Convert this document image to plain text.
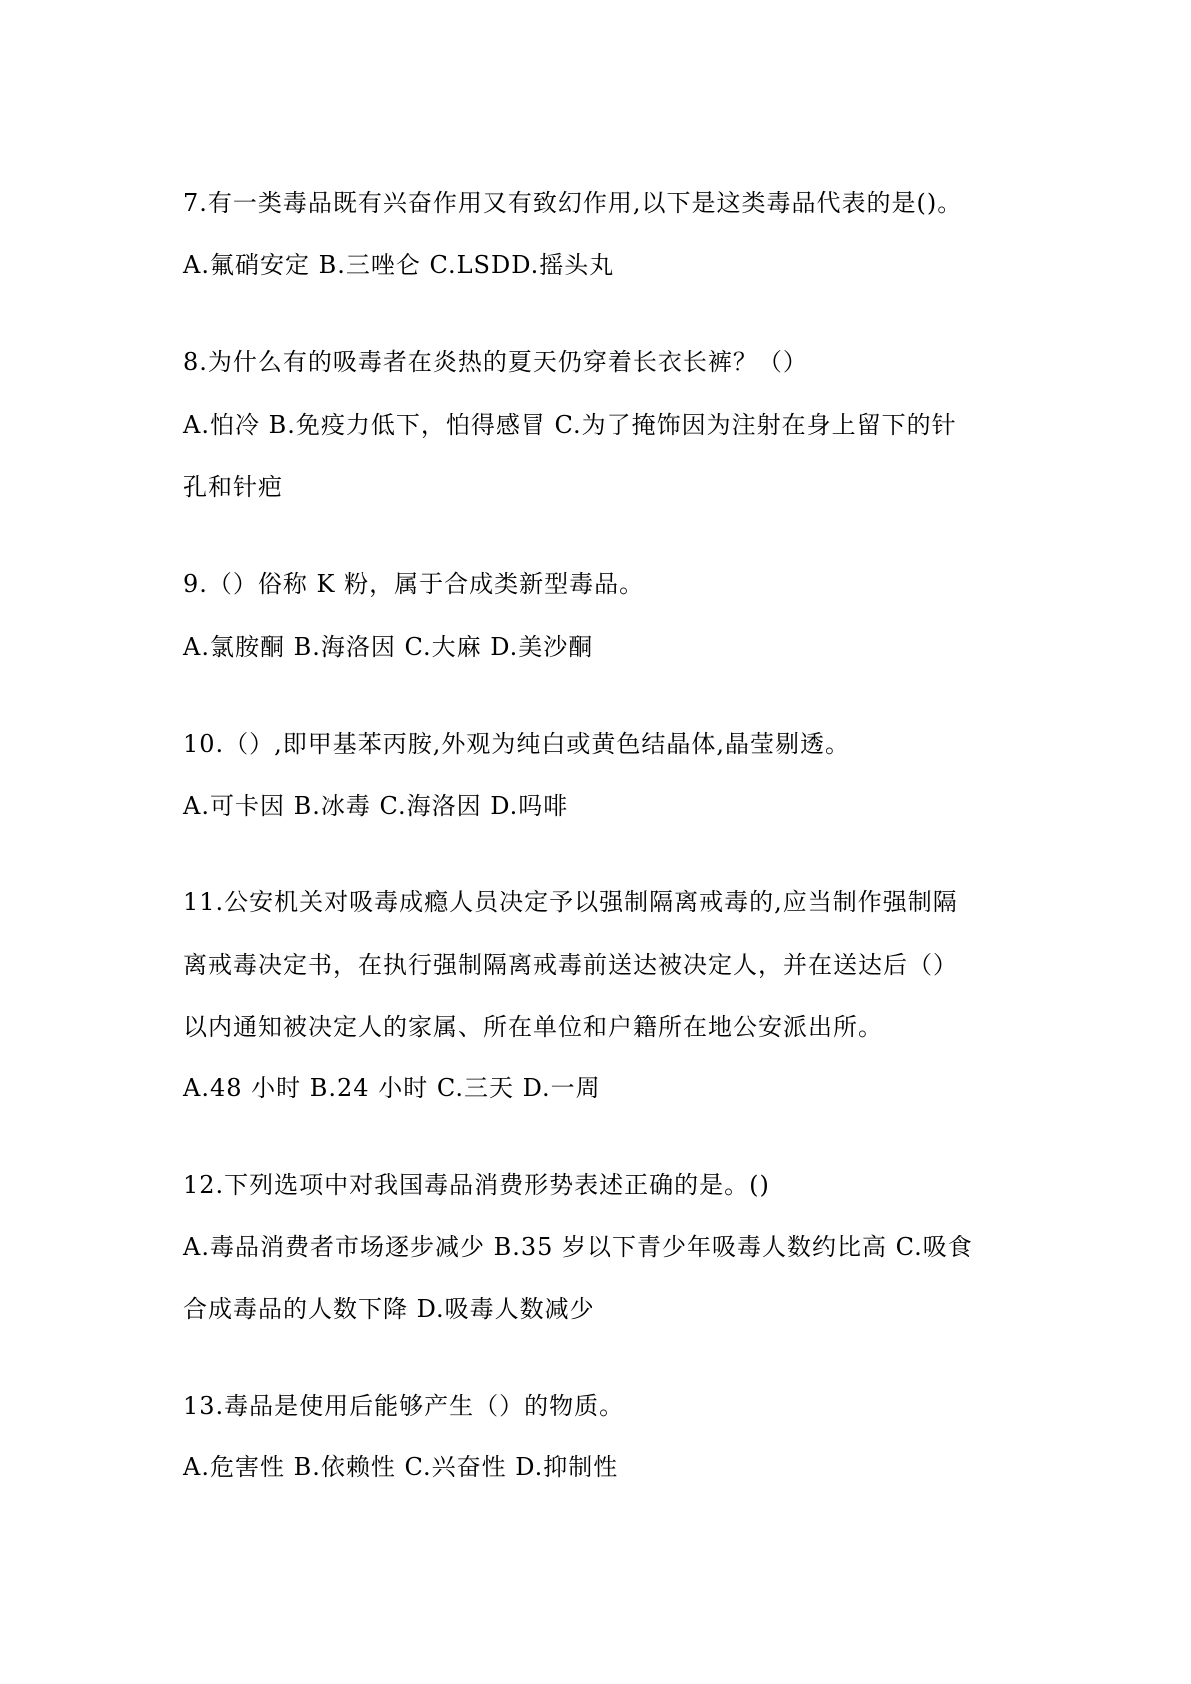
7.有一类毒品既有兴奋作用又有致幻作用,以下是这类毒品代表的是()。
A.氟硝安定 B.三唑仑 C.LSDD.摇头丸
8.为什么有的吸毒者在炎热的夏天仍穿着长衣长裤？（）
A.怕冷 B.免疫力低下，怕得感冒 C.为了掩饰因为注射在身上留下的针
孔和针疤
9.（）俗称 K 粉，属于合成类新型毒品。
A.氯胺酮 B.海洛因 C.大麻 D.美沙酮
10.（）,即甲基苯丙胺,外观为纯白或黄色结晶体,晶莹剔透。
A.可卡因 B.冰毒 C.海洛因 D.吗啡
11.公安机关对吸毒成瘾人员决定予以强制隔离戒毒的,应当制作强制隔
离戒毒决定书，在执行强制隔离戒毒前送达被决定人，并在送达后（）
以内通知被决定人的家属、所在单位和户籍所在地公安派出所。
A.48 小时 B.24 小时 C.三天 D.一周
12.下列选项中对我国毒品消费形势表述正确的是。()
A.毒品消费者市场逐步减少 B.35 岁以下青少年吸毒人数约比高 C.吸食
合成毒品的人数下降 D.吸毒人数减少
13.毒品是使用后能够产生（）的物质。
A.危害性 B.依赖性 C.兴奋性 D.抑制性
